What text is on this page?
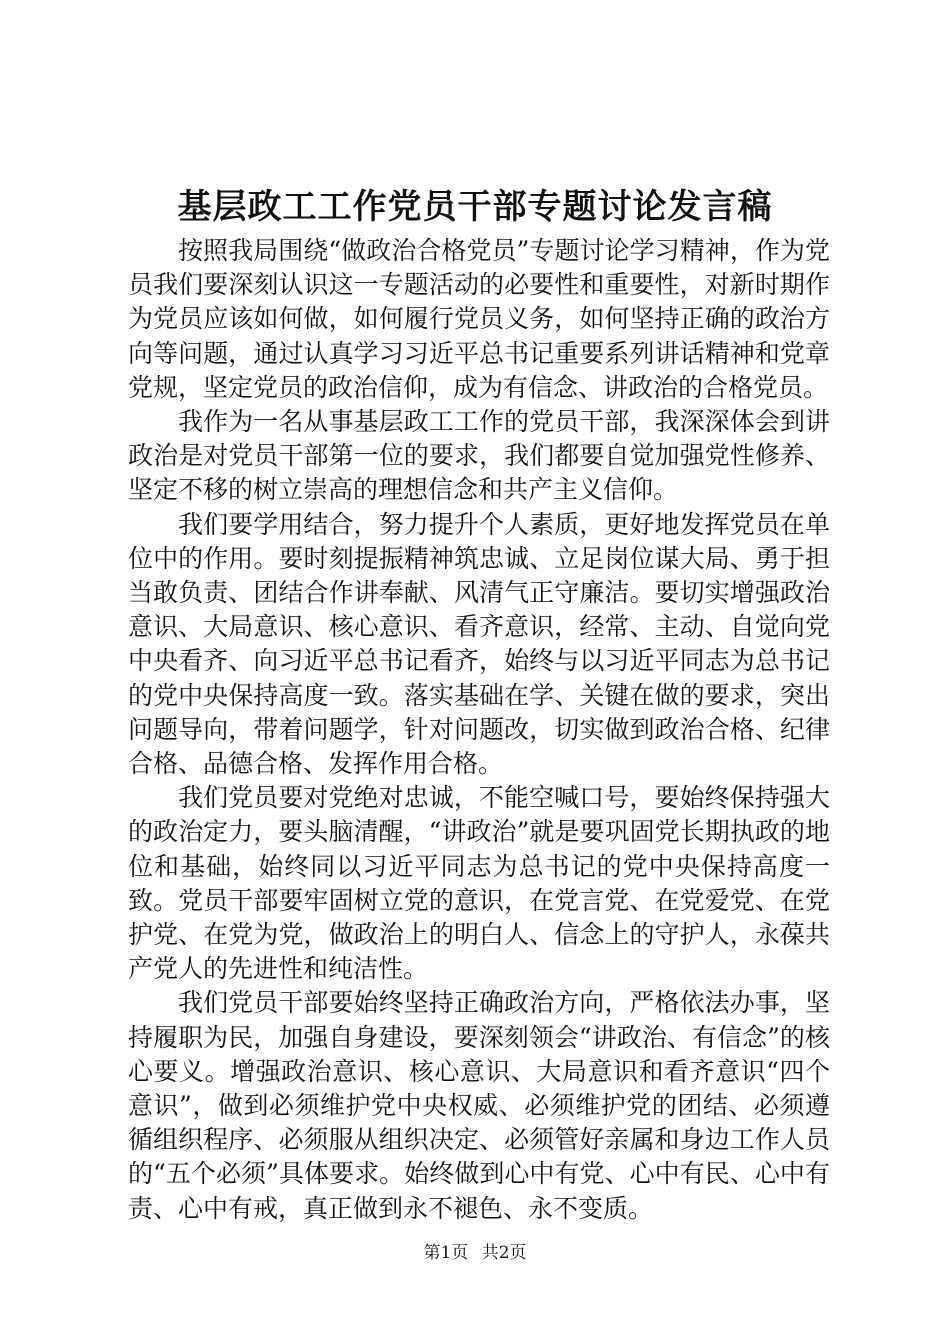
基层政工工作党员干部专题讨论发言稿

按照我局围绕“做政治合格党员”专题讨论学习精神，作为党员我们要深刻认识这一专题活动的必要性和重要性，对新时期作为党员应该如何做，如何履行党员义务，如何坚持正确的政治方向等问题，通过认真学习习近平总书记重要系列讲话精神和党章党规，坚定党员的政治信仰，成为有信念、讲政治的合格党员。

我作为一名从事基层政工工作的党员干部，我深深体会到讲政治是对党员干部第一位的要求，我们都要自觉加强党性修养、坚定不移的树立崇高的理想信念和共产主义信仰。

我们要学用结合，努力提升个人素质，更好地发挥党员在单位中的作用。要时刻提振精神筑忠诚、立足岗位谋大局、勇于担当敢负责、团结合作讲奉献、风清气正守廉洁。要切实增强政治意识、大局意识、核心意识、看齐意识，经常、主动、自觉向党中央看齐、向习近平总书记看齐，始终与以习近平同志为总书记的党中央保持高度一致。落实基础在学、关键在做的要求，突出问题导向，带着问题学，针对问题改，切实做到政治合格、纪律合格、品德合格、发挥作用合格。

我们党员要对党绝对忠诚，不能空喊口号，要始终保持强大的政治定力，要头脑清醒，“讲政治”就是要巩固党长期执政的地位和基础，始终同以习近平同志为总书记的党中央保持高度一致。党员干部要牢固树立党的意识，在党言党、在党爱党、在党护党、在党为党，做政治上的明白人、信念上的守护人，永葆共产党人的先进性和纯洁性。

我们党员干部要始终坚持正确政治方向，严格依法办事，坚持履职为民，加强自身建设，要深刻领会“讲政治、有信念”的核心要义。增强政治意识、核心意识、大局意识和看齐意识“四个意识”，做到必须维护党中央权威、必须维护党的团结、必须遵循组织程序、必须服从组织决定、必须管好亲属和身边工作人员的“五个必须”具体要求。始终做到心中有党、心中有民、心中有责、心中有戒，真正做到永不褪色、永不变质。

第1页 共2页
